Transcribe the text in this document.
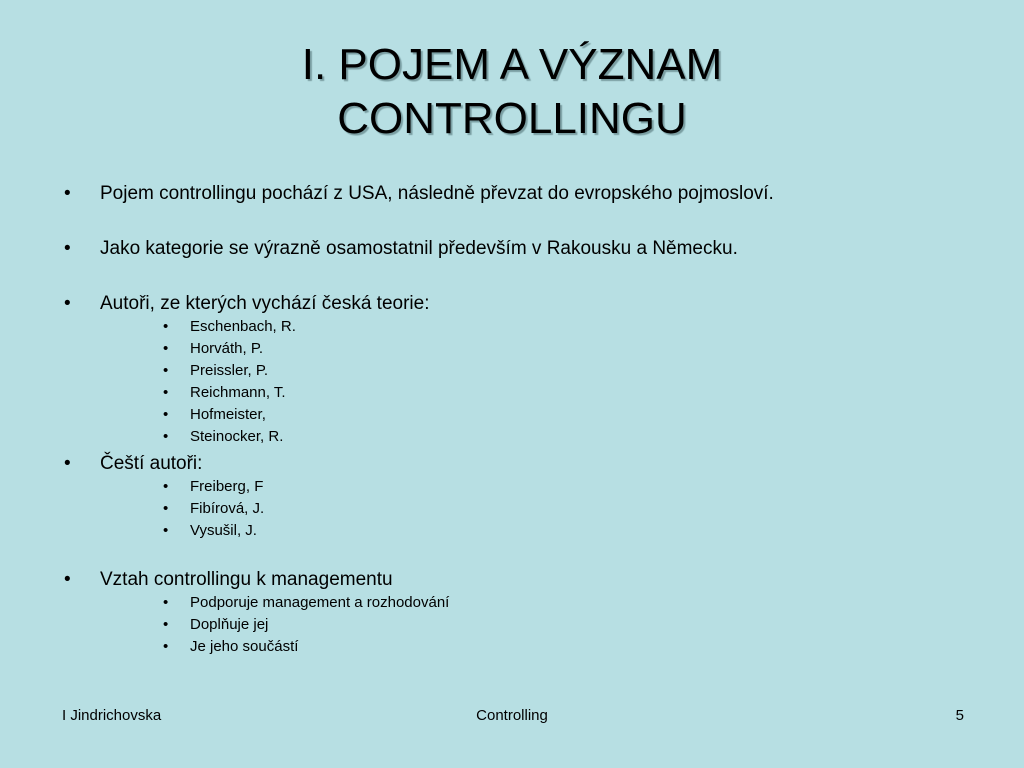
I. POJEM A VÝZNAM
CONTROLLINGU
• Pojem controllingu pochází z USA, následně převzat do evropského pojmosloví.
• Jako kategorie se výrazně osamostatnil především v Rakousku a Německu.
• Autoři, ze kterých vychází česká teorie:
• Eschenbach, R.
• Horváth, P.
• Preissler, P.
• Reichmann, T.
• Hofmeister,
• Steinocker, R.
• Čeští autoři:
• Freiberg, F
• Fibírová, J.
• Vysušil, J.
• Vztah controllingu k managementu
• Podporuje management a rozhodování
• Doplňuje jej
• Je jeho součástí
I Jindrichovska	Controlling	5
